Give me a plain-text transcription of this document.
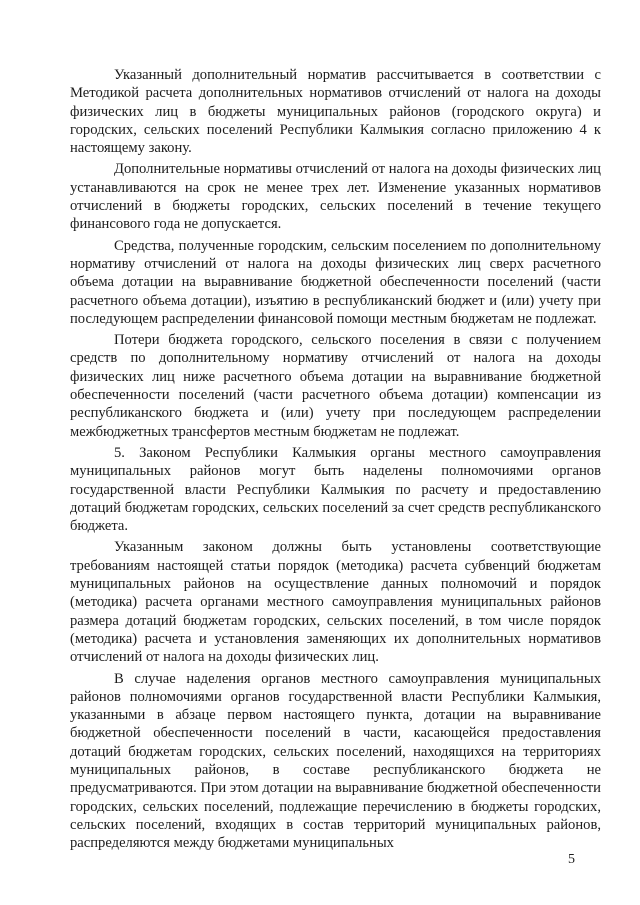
Указанный дополнительный норматив рассчитывается в соответствии с Методикой расчета дополнительных нормативов отчислений от налога на доходы физических лиц в бюджеты муниципальных районов (городского округа) и городских, сельских поселений Республики Калмыкия согласно приложению 4 к настоящему закону.

Дополнительные нормативы отчислений от налога на доходы физических лиц устанавливаются на срок не менее трех лет. Изменение указанных нормативов отчислений в бюджеты городских, сельских поселений в течение текущего финансового года не допускается.

Средства, полученные городским, сельским поселением по дополнительному нормативу отчислений от налога на доходы физических лиц сверх расчетного объема дотации на выравнивание бюджетной обеспеченности поселений (части расчетного объема дотации), изъятию в республиканский бюджет и (или) учету при последующем распределении финансовой помощи местным бюджетам не подлежат.

Потери бюджета городского, сельского поселения в связи с получением средств по дополнительному нормативу отчислений от налога на доходы физических лиц ниже расчетного объема дотации на выравнивание бюджетной обеспеченности поселений (части расчетного объема дотации) компенсации из республиканского бюджета и (или) учету при последующем распределении межбюджетных трансфертов местным бюджетам не подлежат.

5. Законом Республики Калмыкия органы местного самоуправления муниципальных районов могут быть наделены полномочиями органов государственной власти Республики Калмыкия по расчету и предоставлению дотаций бюджетам городских, сельских поселений за счет средств республиканского бюджета.

Указанным законом должны быть установлены соответствующие требованиям настоящей статьи порядок (методика) расчета субвенций бюджетам муниципальных районов на осуществление данных полномочий и порядок (методика) расчета органами местного самоуправления муниципальных районов размера дотаций бюджетам городских, сельских поселений, в том числе порядок (методика) расчета и установления заменяющих их дополнительных нормативов отчислений от налога на доходы физических лиц.

В случае наделения органов местного самоуправления муниципальных районов полномочиями органов государственной власти Республики Калмыкия, указанными в абзаце первом настоящего пункта, дотации на выравнивание бюджетной обеспеченности поселений в части, касающейся предоставления дотаций бюджетам городских, сельских поселений, находящихся на территориях муниципальных районов, в составе республиканского бюджета не предусматриваются. При этом дотации на выравнивание бюджетной обеспеченности городских, сельских поселений, подлежащие перечислению в бюджеты городских, сельских поселений, входящих в состав территорий муниципальных районов, распределяются между бюджетами муниципальных

5
